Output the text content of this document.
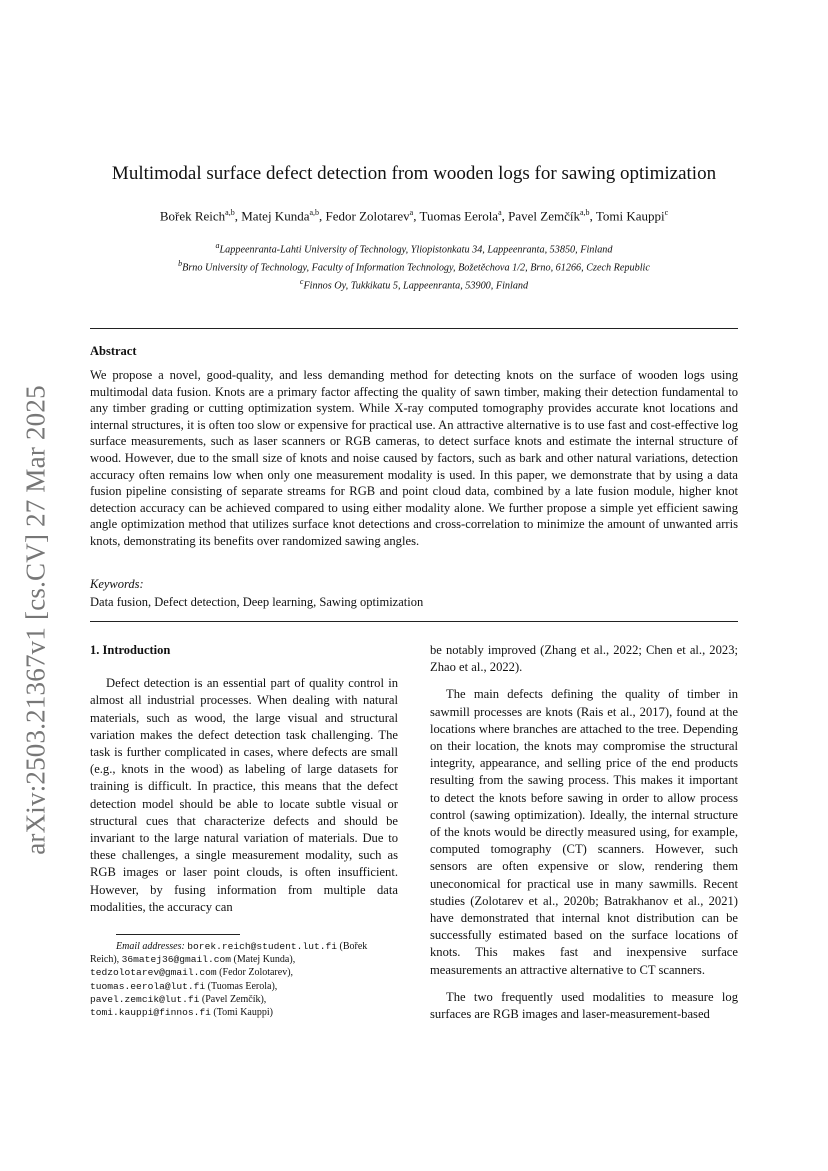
arXiv:2503.21367v1 [cs.CV] 27 Mar 2025
Multimodal surface defect detection from wooden logs for sawing optimization
Bořek Reich$^{a,b}$, Matej Kunda$^{a,b}$, Fedor Zolotarev$^a$, Tuomas Eerola$^a$, Pavel Zemčík$^{a,b}$, Tomi Kauppi$^c$
$^a$Lappeenranta-Lahti University of Technology, Yliopistonkatu 34, Lappeenranta, 53850, Finland
$^b$Brno University of Technology, Faculty of Information Technology, Božetěchova 1/2, Brno, 61266, Czech Republic
$^c$Finnos Oy, Tukkikatu 5, Lappeenranta, 53900, Finland
Abstract
We propose a novel, good-quality, and less demanding method for detecting knots on the surface of wooden logs using multimodal data fusion. Knots are a primary factor affecting the quality of sawn timber, making their detection fundamental to any timber grading or cutting optimization system. While X-ray computed tomography provides accurate knot locations and internal structures, it is often too slow or expensive for practical use. An attractive alternative is to use fast and cost-effective log surface measurements, such as laser scanners or RGB cameras, to detect surface knots and estimate the internal structure of wood. However, due to the small size of knots and noise caused by factors, such as bark and other natural variations, detection accuracy often remains low when only one measurement modality is used. In this paper, we demonstrate that by using a data fusion pipeline consisting of separate streams for RGB and point cloud data, combined by a late fusion module, higher knot detection accuracy can be achieved compared to using either modality alone. We further propose a simple yet efficient sawing angle optimization method that utilizes surface knot detections and cross-correlation to minimize the amount of unwanted arris knots, demonstrating its benefits over randomized sawing angles.
Keywords:
Data fusion, Defect detection, Deep learning, Sawing optimization
1. Introduction

Defect detection is an essential part of quality control in almost all industrial processes. When dealing with natural materials, such as wood, the large visual and structural variation makes the defect detection task challenging. The task is further complicated in cases, where defects are small (e.g., knots in the wood) as labeling of large datasets for training is difficult. In practice, this means that the defect detection model should be able to locate subtle visual or structural cues that characterize defects and should be invariant to the large natural variation of materials. Due to these challenges, a single measurement modality, such as RGB images or laser point clouds, is often insufficient. However, by fusing information from multiple data modalities, the accuracy can

be notably improved (Zhang et al., 2022; Chen et al., 2023; Zhao et al., 2022).

The main defects defining the quality of timber in sawmill processes are knots (Rais et al., 2017), found at the locations where branches are attached to the tree. Depending on their location, the knots may compromise the structural integrity, appearance, and selling price of the end products resulting from the sawing process. This makes it important to detect the knots before sawing in order to allow process control (sawing optimization). Ideally, the internal structure of the knots would be directly measured using, for example, computed tomography (CT) scanners. However, such sensors are often expensive or slow, rendering them uneconomical for practical use in many sawmills. Recent studies (Zolotarev et al., 2020b; Batrakhanov et al., 2021) have demonstrated that internal knot distribution can be successfully estimated based on the surface locations of knots. This makes fast and inexpensive surface measurements an attractive alternative to CT scanners.

The two frequently used modalities to measure log surfaces are RGB images and laser-measurement-based

Email addresses: borek.reich@student.lut.fi (Bořek Reich), 36matej36@gmail.com (Matej Kunda),
tedzolotarev@gmail.com (Fedor Zolotarev),
tuomas.eerola@lut.fi (Tuomas Eerola),
pavel.zemcik@lut.fi (Pavel Zemčík),
tomi.kauppi@finnos.fi (Tomi Kauppi)
